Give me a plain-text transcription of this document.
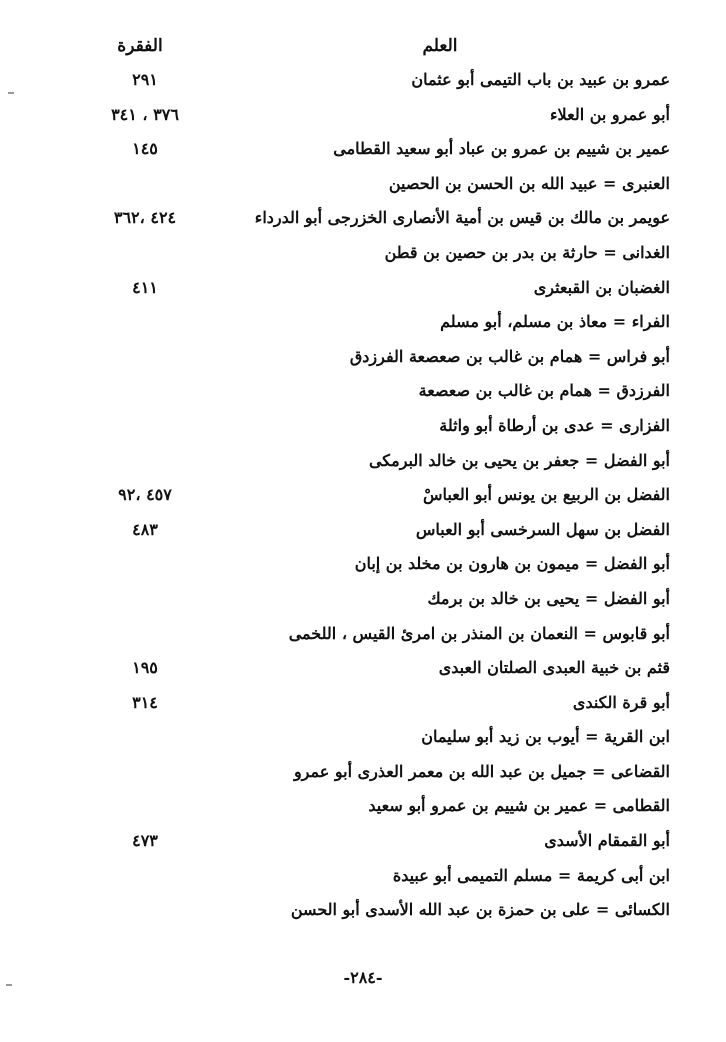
العلم
الفقرة
عمرو بن عبيد بن باب التيمى أبو عثمان
٢٩١
أبو عمرو بن العلاء
٣٧٦ ، ٣٤١
عمير بن شييم بن عمرو بن عباد أبو سعيد القطامى
١٤٥
العنبرى = عبيد الله بن الحسن بن الحصين
عويمر بن مالك بن قيس بن أمية الأنصارى الخزرجى أبو الدرداء
٤٢٤ ،٣٦٢
الغدانى = حارثة بن بدر بن حصين بن قطن
الغضبان بن القبعثرى
٤١١
الفراء = معاذ بن مسلم، أبو مسلم
أبو فراس = همام بن غالب بن صعصعة الفرزدق
الفرزدق = همام بن غالب بن صعصعة
الفزارى = عدى بن أرطاة أبو واثلة
أبو الفضل = جعفر بن يحيى بن خالد البرمكى
الفضل بن الربيع بن يونس أبو العباسْ
٤٥٧ ،٩٢
الفضل بن سهل السرخسى أبو العباس
٤٨٣
أبو الفضل = ميمون بن هارون بن مخلد بن إبان
أبو الفضل = يحيى بن خالد بن برمك
أبو قابوس = النعمان بن المنذر بن امرئ القيس ، اللخمى
قثم بن خبية العبدى الصلتان العبدى
١٩٥
أبو قرة الكندى
٣١٤
ابن القرية = أيوب بن زيد أبو سليمان
القضاعى = جميل بن عبد الله بن معمر العذرى أبو عمرو
القطامى = عمير بن شييم بن عمرو أبو سعيد
أبو القمقام الأسدى
٤٧٣
ابن أبى كريمة = مسلم التميمى أبو عبيدة
الكسائى = على بن حمزة بن عبد الله الأسدى أبو الحسن
-٢٨٤-
